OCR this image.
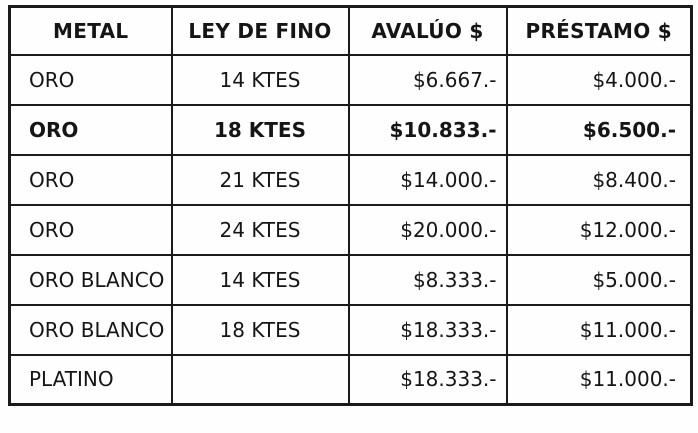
METAL	LEY DE FINO	AVALÚO $	PRÉSTAMO $
ORO	14 KTES	$6.667.-	$4.000.-
ORO	18 KTES	$10.833.-	$6.500.-
ORO	21 KTES	$14.000.-	$8.400.-
ORO	24 KTES	$20.000.-	$12.000.-
ORO BLANCO	14 KTES	$8.333.-	$5.000.-
ORO BLANCO	18 KTES	$18.333.-	$11.000.-
PLATINO		$18.333.-	$11.000.-
